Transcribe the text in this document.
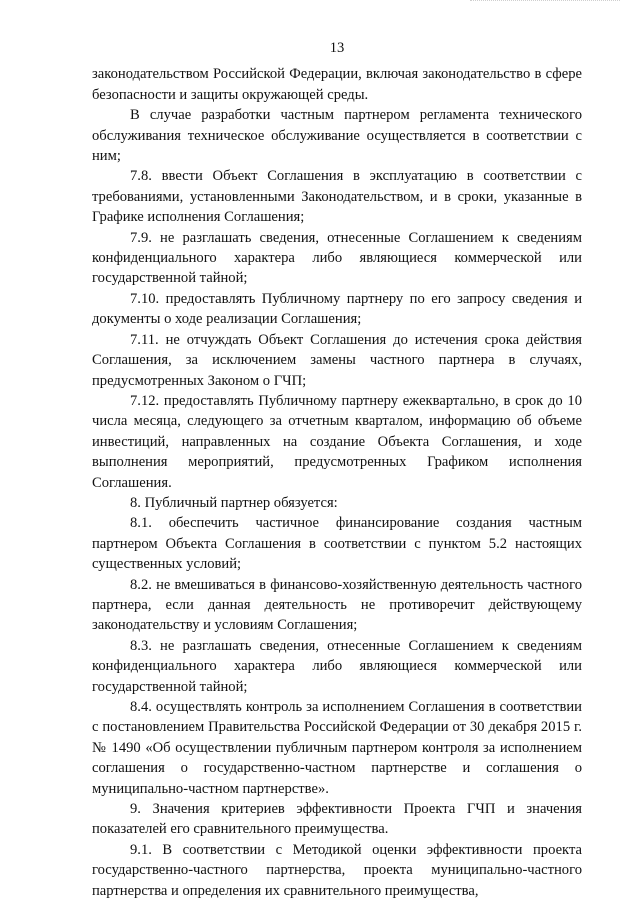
13

законодательством Российской Федерации, включая законодательство в сфере безопасности и защиты окружающей среды.

В случае разработки частным партнером регламента технического обслуживания техническое обслуживание осуществляется в соответствии с ним;

7.8. ввести Объект Соглашения в эксплуатацию в соответствии с требованиями, установленными Законодательством, и в сроки, указанные в Графике исполнения Соглашения;

7.9. не разглашать сведения, отнесенные Соглашением к сведениям конфиденциального характера либо являющиеся коммерческой или государственной тайной;

7.10. предоставлять Публичному партнеру по его запросу сведения и документы о ходе реализации Соглашения;

7.11. не отчуждать Объект Соглашения до истечения срока действия Соглашения, за исключением замены частного партнера в случаях, предусмотренных Законом о ГЧП;

7.12. предоставлять Публичному партнеру ежеквартально, в срок до 10 числа месяца, следующего за отчетным кварталом, информацию об объеме инвестиций, направленных на создание Объекта Соглашения, и ходе выполнения мероприятий, предусмотренных Графиком исполнения Соглашения.

8. Публичный партнер обязуется:

8.1. обеспечить частичное финансирование создания частным партнером Объекта Соглашения в соответствии с пунктом 5.2 настоящих существенных условий;

8.2. не вмешиваться в финансово-хозяйственную деятельность частного партнера, если данная деятельность не противоречит действующему законодательству и условиям Соглашения;

8.3. не разглашать сведения, отнесенные Соглашением к сведениям конфиденциального характера либо являющиеся коммерческой или государственной тайной;

8.4. осуществлять контроль за исполнением Соглашения в соответствии с постановлением Правительства Российской Федерации от 30 декабря 2015 г. № 1490 «Об осуществлении публичным партнером контроля за исполнением соглашения о государственно-частном партнерстве и соглашения о муниципально-частном партнерстве».

9. Значения критериев эффективности Проекта ГЧП и значения показателей его сравнительного преимущества.

9.1. В соответствии с Методикой оценки эффективности проекта государственно-частного партнерства, проекта муниципально-частного партнерства и определения их сравнительного преимущества,
